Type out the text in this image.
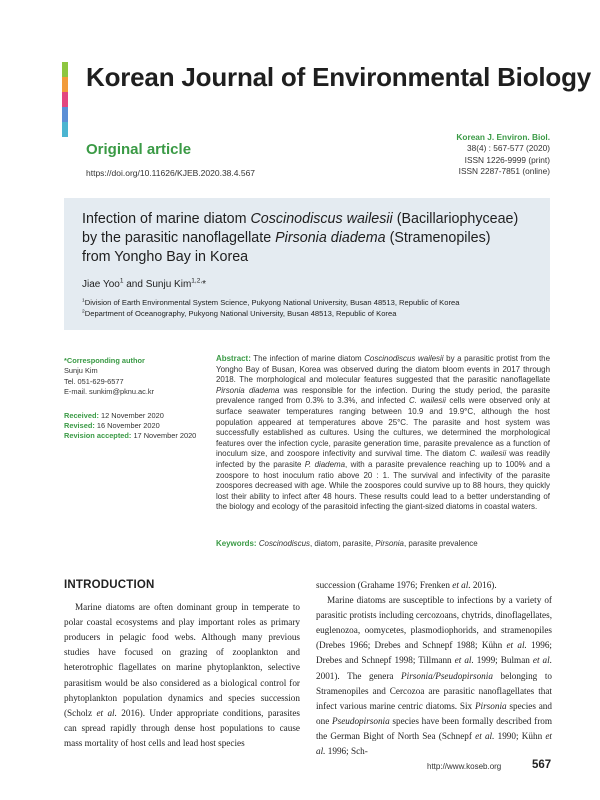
Korean Journal of Environmental Biology
Original article
https://doi.org/10.11626/KJEB.2020.38.4.567
Korean J. Environ. Biol.
38(4) : 567-577 (2020)
ISSN 1226-9999 (print)
ISSN 2287-7851 (online)
Infection of marine diatom Coscinodiscus wailesii (Bacillariophyceae)
by the parasitic nanoflagellate Pirsonia diadema (Stramenopiles)
from Yongho Bay in Korea
Jiae Yoo$^1$ and Sunju Kim$^{1,2,}$*
$^1$Division of Earth Environmental System Science, Pukyong National University, Busan 48513, Republic of Korea
$^2$Department of Oceanography, Pukyong National University, Busan 48513, Republic of Korea
*Corresponding author
Sunju Kim
Tel. 051-629-6577
E-mail. sunkim@pknu.ac.kr
Received: 12 November 2020
Revised: 16 November 2020
Revision accepted: 17 November 2020
Abstract: The infection of marine diatom Coscinodiscus wailesii by a parasitic protist from the Yongho Bay of Busan, Korea was observed during the diatom bloom events in 2017 through 2018. The morphological and molecular features suggested that the parasitic nanoflagellate Pirsonia diadema was responsible for the infection. During the study period, the parasite prevalence ranged from 0.3% to 3.3%, and infected C. wailesii cells were observed only at surface seawater temperatures ranging between 10.9 and 19.9°C, although the host population appeared at temperatures above 25°C. The parasite and host system was successfully established as cultures. Using the cultures, we determined the morphological features over the infection cycle, parasite generation time, parasite prevalence as a function of inoculum size, and zoospore infectivity and survival time. The diatom C. wailesii was readily infected by the parasite P. diadema, with a parasite prevalence reaching up to 100% and a zoospore to host inoculum ratio above 20 : 1. The survival and infectivity of the parasite zoospores decreased with age. While the zoospores could survive up to 88 hours, they quickly lost their ability to infect after 48 hours. These results could lead to a better understanding of the biology and ecology of the parasitoid infecting the giant-sized diatoms in coastal waters.
Keywords: Coscinodiscus, diatom, parasite, Pirsonia, parasite prevalence
INTRODUCTION

Marine diatoms are often dominant group in temperate to polar coastal ecosystems and play important roles as primary producers in pelagic food webs. Although many previous studies have focused on grazing of zooplankton and heterotrophic flagellates on marine phytoplankton, selective parasitism would be also considered as a biological control for phytoplankton population dynamics and species succession (Scholz et al. 2016). Under appropriate conditions, parasites can spread rapidly through dense host populations to cause mass mortality of host cells and lead host species

succession (Grahame 1976; Frenken et al. 2016).

Marine diatoms are susceptible to infections by a variety of parasitic protists including cercozoans, chytrids, dinoflagellates, euglenozoa, oomycetes, plasmodiophorids, and stramenopiles (Drebes 1966; Drebes and Schnepf 1988; Kühn et al. 1996; Drebes and Schnepf 1998; Tillmann et al. 1999; Bulman et al. 2001). The genera Pirsonia/Pseudopirsonia belonging to Stramenopiles and Cercozoa are parasitic nanoflagellates that infect various marine centric diatoms. Six Pirsonia species and one Pseudopirsonia species have been formally described from the German Bight of North Sea (Schnepf et al. 1990; Kühn et al. 1996; Sch-

http://www.koseb.org	567
